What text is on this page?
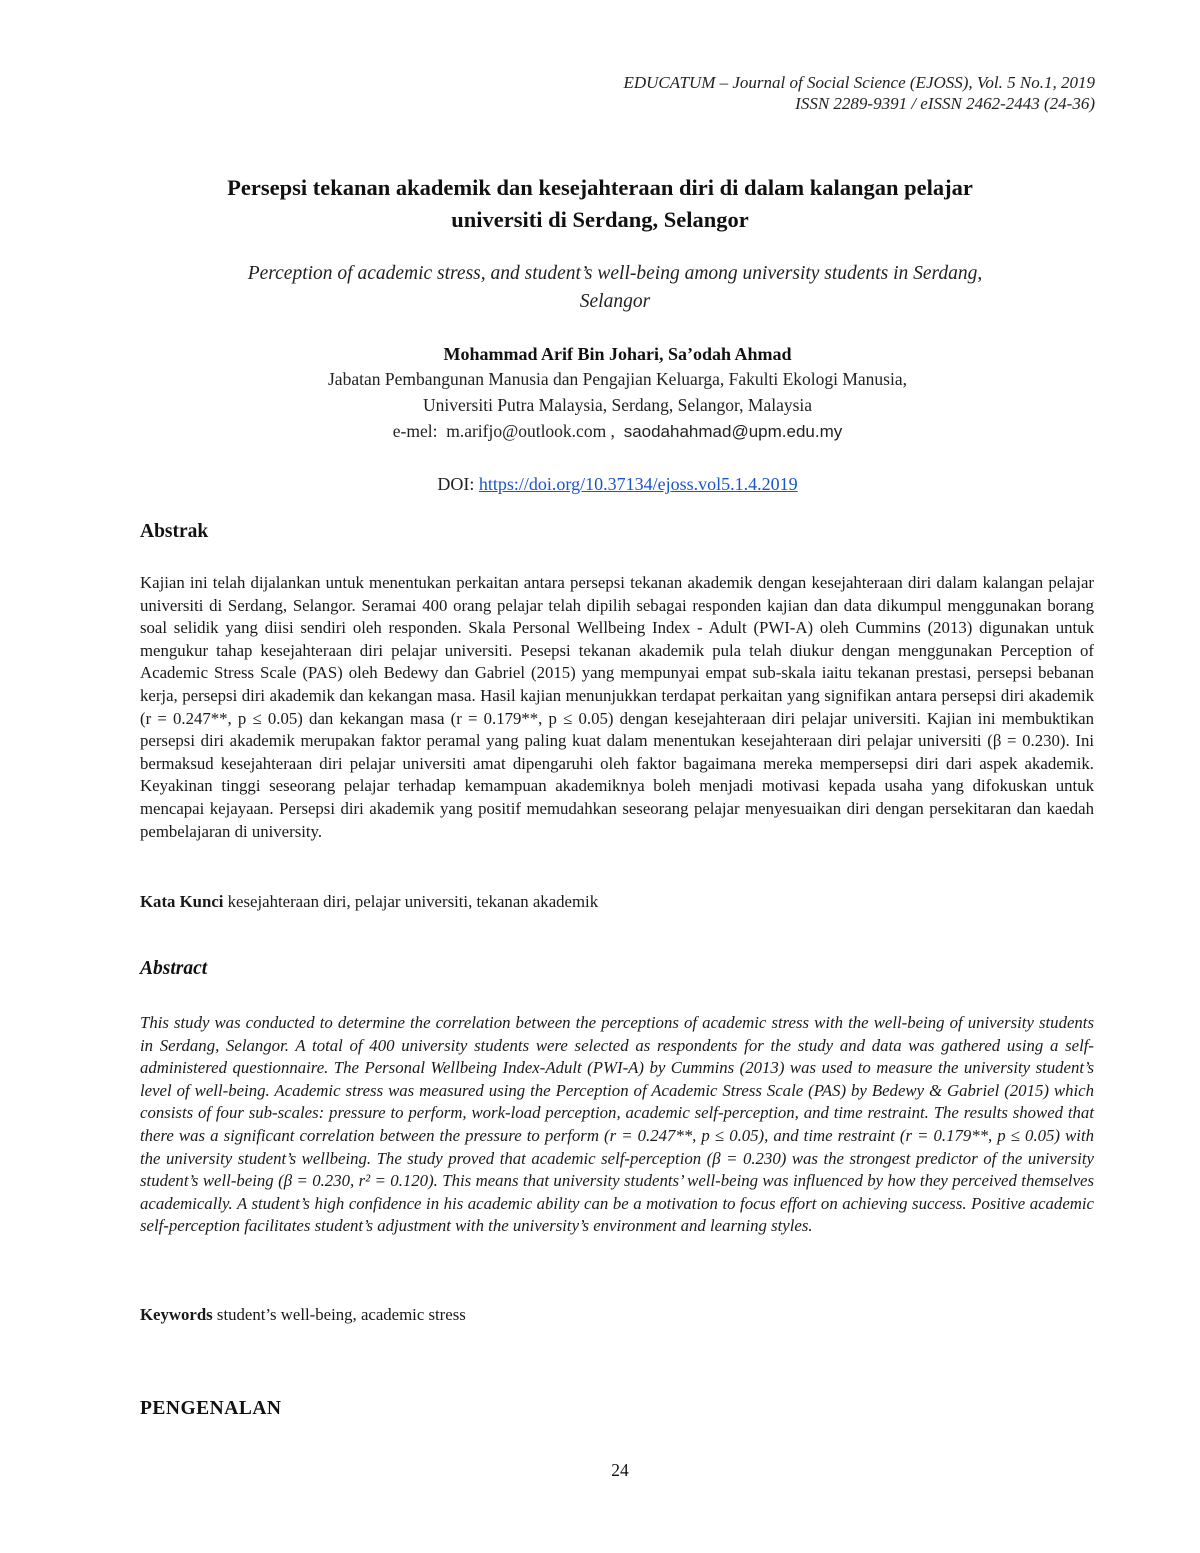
EDUCATUM – Journal of Social Science (EJOSS), Vol. 5 No.1, 2019
ISSN 2289-9391 / eISSN 2462-2443 (24-36)
Persepsi tekanan akademik dan kesejahteraan diri di dalam kalangan pelajar
universiti di Serdang, Selangor
Perception of academic stress, and student’s well-being among university students in Serdang,
Selangor
Mohammad Arif Bin Johari, Sa’odah Ahmad
Jabatan Pembangunan Manusia dan Pengajian Keluarga, Fakulti Ekologi Manusia,
Universiti Putra Malaysia, Serdang, Selangor, Malaysia
e-mel: m.arifjo@outlook.com , saodahahmad@upm.edu.my
DOI: https://doi.org/10.37134/ejoss.vol5.1.4.2019
Abstrak
Kajian ini telah dijalankan untuk menentukan perkaitan antara persepsi tekanan akademik dengan kesejahteraan diri dalam kalangan pelajar universiti di Serdang, Selangor. Seramai 400 orang pelajar telah dipilih sebagai responden kajian dan data dikumpul menggunakan borang soal selidik yang diisi sendiri oleh responden. Skala Personal Wellbeing Index - Adult (PWI-A) oleh Cummins (2013) digunakan untuk mengukur tahap kesejahteraan diri pelajar universiti. Pesepsi tekanan akademik pula telah diukur dengan menggunakan Perception of Academic Stress Scale (PAS) oleh Bedewy dan Gabriel (2015) yang mempunyai empat sub-skala iaitu tekanan prestasi, persepsi bebanan kerja, persepsi diri akademik dan kekangan masa. Hasil kajian menunjukkan terdapat perkaitan yang signifikan antara persepsi diri akademik (r = 0.247**, p ≤ 0.05) dan kekangan masa (r = 0.179**, p ≤ 0.05) dengan kesejahteraan diri pelajar universiti. Kajian ini membuktikan persepsi diri akademik merupakan faktor peramal yang paling kuat dalam menentukan kesejahteraan diri pelajar universiti (β = 0.230). Ini bermaksud kesejahteraan diri pelajar universiti amat dipengaruhi oleh faktor bagaimana mereka mempersepsi diri dari aspek akademik. Keyakinan tinggi seseorang pelajar terhadap kemampuan akademiknya boleh menjadi motivasi kepada usaha yang difokuskan untuk mencapai kejayaan. Persepsi diri akademik yang positif memudahkan seseorang pelajar menyesuaikan diri dengan persekitaran dan kaedah pembelajaran di university.
Kata Kunci kesejahteraan diri, pelajar universiti, tekanan akademik
Abstract
This study was conducted to determine the correlation between the perceptions of academic stress with the well-being of university students in Serdang, Selangor. A total of 400 university students were selected as respondents for the study and data was gathered using a self-administered questionnaire. The Personal Wellbeing Index-Adult (PWI-A) by Cummins (2013) was used to measure the university student’s level of well-being. Academic stress was measured using the Perception of Academic Stress Scale (PAS) by Bedewy & Gabriel (2015) which consists of four sub-scales: pressure to perform, work-load perception, academic self-perception, and time restraint. The results showed that there was a significant correlation between the pressure to perform (r = 0.247**, p ≤ 0.05), and time restraint (r = 0.179**, p ≤ 0.05) with the university student’s wellbeing. The study proved that academic self-perception (β = 0.230) was the strongest predictor of the university student’s well-being (β = 0.230, r² = 0.120). This means that university students’ well-being was influenced by how they perceived themselves academically. A student’s high confidence in his academic ability can be a motivation to focus effort on achieving success. Positive academic self-perception facilitates student’s adjustment with the university’s environment and learning styles.
Keywords student’s well-being, academic stress
PENGENALAN
24
